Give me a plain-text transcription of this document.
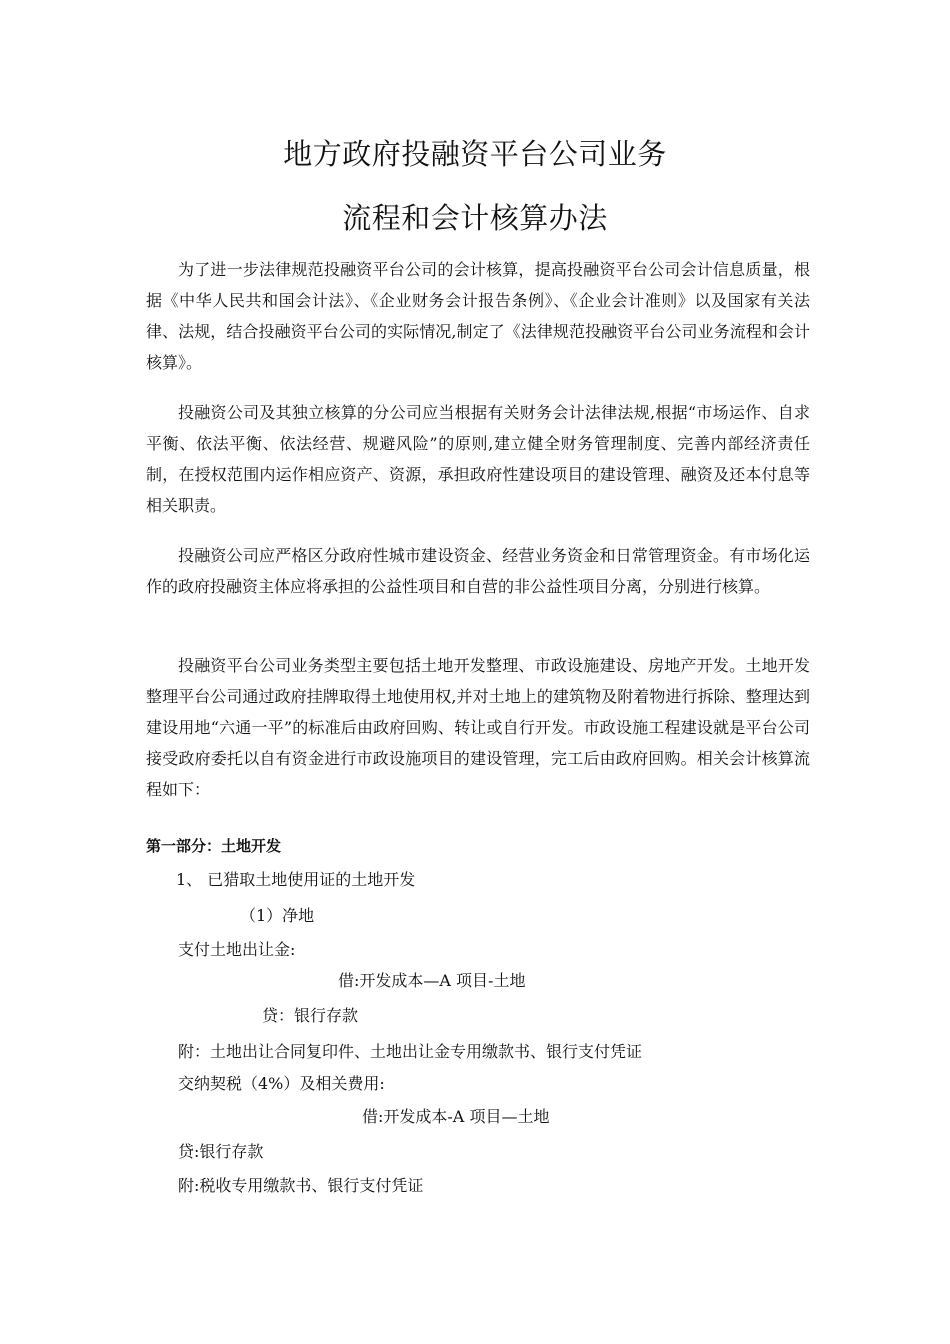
地方政府投融资平台公司业务
流程和会计核算办法

为了进一步法律规范投融资平台公司的会计核算，提高投融资平台公司会计信息质量，根据《中华人民共和国会计法》、《企业财务会计报告条例》、《企业会计准则》以及国家有关法律、法规，结合投融资平台公司的实际情况,制定了《法律规范投融资平台公司业务流程和会计核算》。

投融资公司及其独立核算的分公司应当根据有关财务会计法律法规,根据“市场运作、自求平衡、依法平衡、依法经营、规避风险”的原则,建立健全财务管理制度、完善内部经济责任制，在授权范围内运作相应资产、资源，承担政府性建设项目的建设管理、融资及还本付息等相关职责。

投融资公司应严格区分政府性城市建设资金、经营业务资金和日常管理资金。有市场化运作的政府投融资主体应将承担的公益性项目和自营的非公益性项目分离，分别进行核算。

投融资平台公司业务类型主要包括土地开发整理、市政设施建设、房地产开发。土地开发整理平台公司通过政府挂牌取得土地使用权,并对土地上的建筑物及附着物进行拆除、整理达到建设用地“六通一平”的标准后由政府回购、转让或自行开发。市政设施工程建设就是平台公司接受政府委托以自有资金进行市政设施项目的建设管理，完工后由政府回购。相关会计核算流程如下：

第一部分：土地开发
1、 已猎取土地使用证的土地开发
（1）净地
支付土地出让金:
借:开发成本—A 项目-土地
贷：银行存款
附：土地出让合同复印件、土地出让金专用缴款书、银行支付凭证
交纳契税（4%）及相关费用:
借:开发成本-A 项目—土地
贷:银行存款
附:税收专用缴款书、银行支付凭证
